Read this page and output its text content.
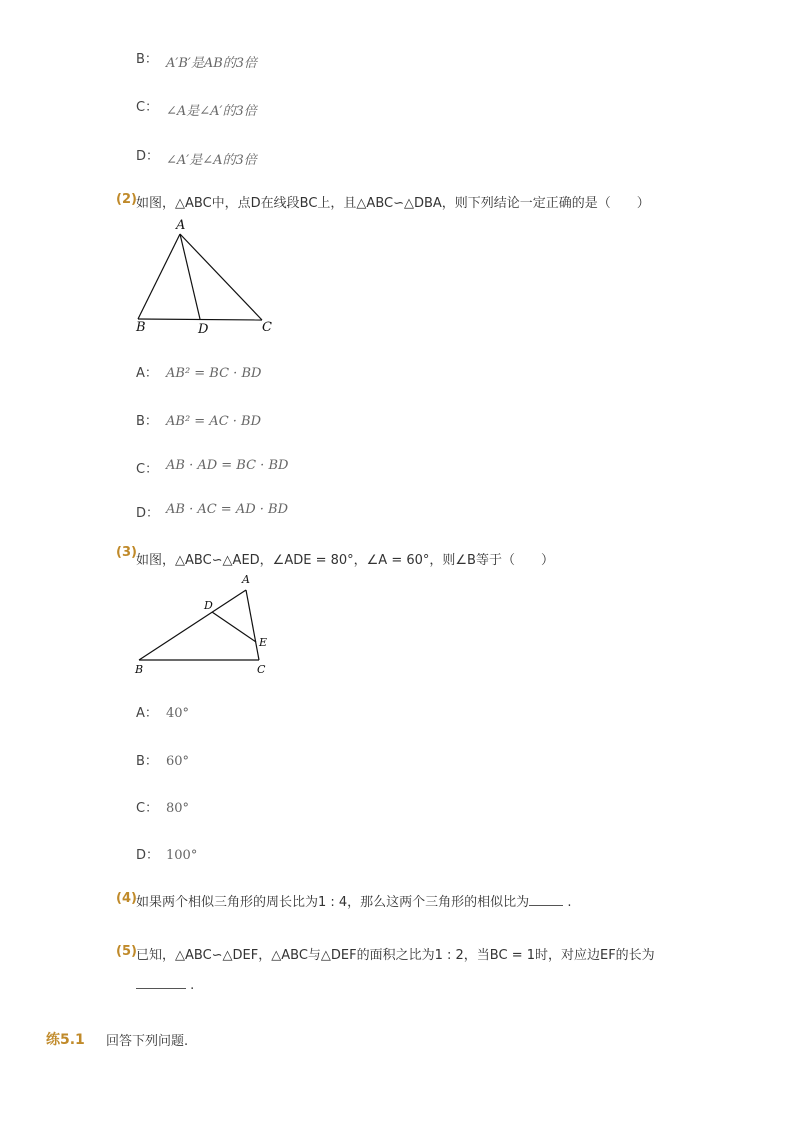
B： A′B′是AB的3倍
C： ∠A是∠A′的3倍
D： ∠A′是∠A的3倍
(2) 如图，△ABC中，点D在线段BC上，且△ABC∽△DBA，则下列结论一定正确的是（　　）
A
B	D	C
A： AB² = BC · BD
B： AB² = AC · BD
C： AB · AD = BC · BD
D： AB · AC = AD · BD
(3)
如图，△ABC∽△AED，∠ADE = 80°，∠A = 60°，则∠B等于（　　）
A
D
E
B	C
A： 40°
B： 60°
C： 80°
D： 100°
(4) 如果两个相似三角形的周长比为1 : 4，那么这两个三角形的相似比为	.
(5) 已知，△ABC∽△DEF，△ABC与△DEF的面积之比为1 : 2，当BC = 1时，对应边EF的长为
.
练5.1 回答下列问题.
